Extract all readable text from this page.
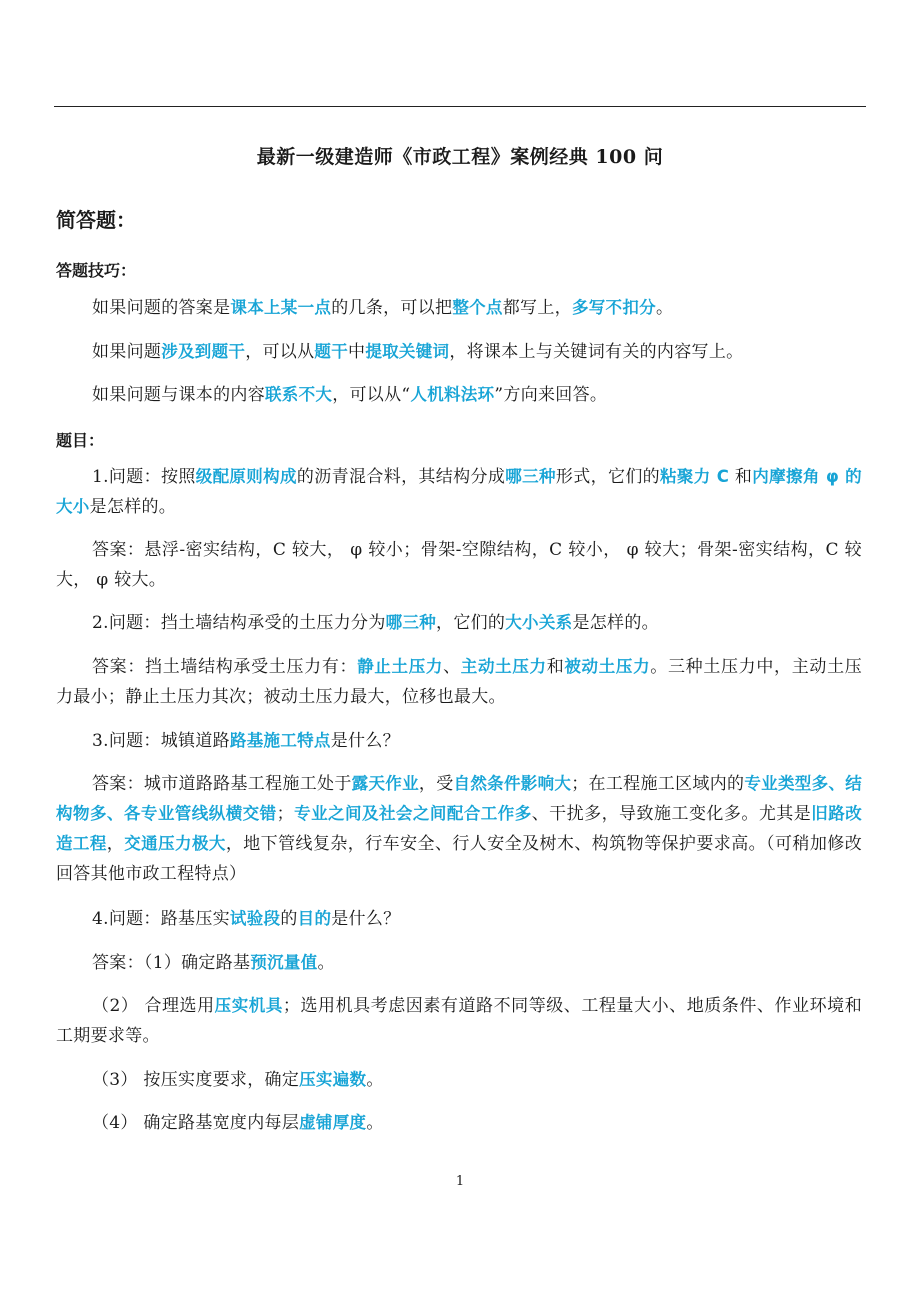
最新一级建造师《市政工程》案例经典 100 问
简答题：
答题技巧：
如果问题的答案是课本上某一点的几条，可以把整个点都写上，多写不扣分。
如果问题涉及到题干，可以从题干中提取关键词，将课本上与关键词有关的内容写上。
如果问题与课本的内容联系不大，可以从“人机料法环”方向来回答。
题目：
1.问题：按照级配原则构成的沥青混合料，其结构分成哪三种形式，它们的粘聚力 C 和内摩擦角 φ 的大小是怎样的。
答案：悬浮-密实结构，C 较大， φ 较小；骨架-空隙结构，C 较小， φ 较大；骨架-密实结构，C 较大， φ 较大。
2.问题：挡土墙结构承受的土压力分为哪三种，它们的大小关系是怎样的。
答案：挡土墙结构承受土压力有：静止土压力、主动土压力和被动土压力。三种土压力中，主动土压力最小；静止土压力其次；被动土压力最大，位移也最大。
3.问题：城镇道路路基施工特点是什么？
答案：城市道路路基工程施工处于露天作业，受自然条件影响大；在工程施工区域内的专业类型多、结构物多、各专业管线纵横交错；专业之间及社会之间配合工作多、干扰多，导致施工变化多。尤其是旧路改造工程，交通压力极大，地下管线复杂，行车安全、行人安全及树木、构筑物等保护要求高。（可稍加修改回答其他市政工程特点）
4.问题：路基压实试验段的目的是什么？
答案：（1）确定路基预沉量值。
（2） 合理选用压实机具；选用机具考虑因素有道路不同等级、工程量大小、地质条件、作业环境和工期要求等。
（3） 按压实度要求，确定压实遍数。
（4） 确定路基宽度内每层虚铺厚度。
1
